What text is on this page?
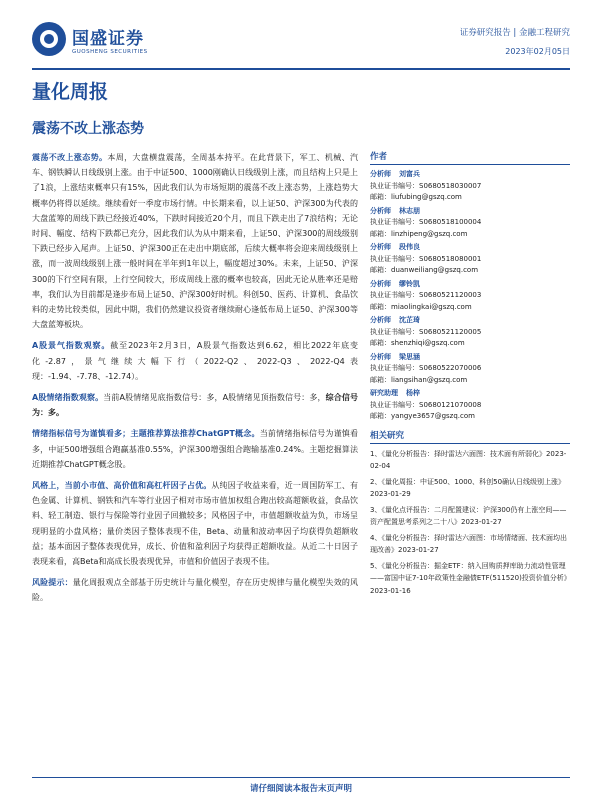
国盛证券
GUOSHENG SECURITIES
证券研究报告 | 金融工程研究
2023年02月05日
量化周报
震荡不改上涨态势

震荡不改上涨态势。本周，大盘横盘震荡，全周基本持平。在此背景下，军工、机械、汽车、钢铁瞬认日线级别上涨。由于中证500、1000刚确认日线级别上涨，而且结构上只是上了1浪，上涨结束概率只有15%，因此我们认为市场短期的震荡不改上涨态势，上涨趋势大概率仍将得以延续。继续看好一季度市场行情。中长期来看，以上证50、沪深300为代表的大盘蓝筹的周线下跌已经接近40%，下跌时间接近20个月，而且下跌走出了7浪结构；无论时间、幅度、结构下跌都已充分，因此我们认为从中期来看，上证50、沪深300的周线级别下跌已经步入尾声。上证50、沪深300正在走出中期底部，后续大概率将会迎来周线级别上涨，而一波周线级别上涨一般时间在半年到1年以上，幅度超过30%。未来，上证50、沪深300的下行空间有限，上行空间较大，形成周线上涨的概率也较高，因此无论从胜率还是赔率，我们认为目前都是逢步布局上证50、沪深300好时机。科创50、医药、计算机、食品饮料的走势比较类似，因此中期，我们仍然建议投资者继续耐心逢低布局上证50、沪深300等大盘蓝筹板块。

A股景气指数观察。截至2023年2月3日，A股景气指数达到6.62，相比2022年底变化-2.87，景气继续大幅下行（2022-Q2、2022-Q3、2022-Q4表现：-1.94、-7.78、-12.74）。

A股情绪指数观察。当前A股情绪见底指数信号：多，A股情绪见顶指数信号：多，综合信号为：多。

情绪指标信号为谨慎看多；主题推荐算法推荐ChatGPT概念。当前情绪指标信号为谨慎看多，中证500增强组合跑赢基准0.55%，沪深300增强组合跑输基准0.24%。主题挖掘算法近期推荐ChatGPT概念股。

风格上，当前小市值、高价值和高杠杆因子占优。从纯因子收益来看，近一周国防军工、有色金属、计算机、钢铁和汽车等行业因子相对市场市值加权组合跑出较高超额收益，食品饮料、轻工制造、银行与保险等行业因子回撤较多；风格因子中，市值超额收益为负，市场呈现明显的小盘风格；量价类因子整体表现不佳，Beta、动量和波动率因子均获得负超额收益；基本面因子整体表现优异，成长、价值和盈利因子均获得正超额收益。从近二十日因子表现来看，高Beta和高成长股表现优异，市值和价值因子表现不佳。

风险提示：量化周报观点全部基于历史统计与量化模型，存在历史规律与量化模型失效的风险。

作者
分析师 刘富兵
执业证书编号：S0680518030007
邮箱：liufubing@gszq.com
分析师 林志朋
执业证书编号：S0680518100004
邮箱：linzhipeng@gszq.com
分析师 段伟良
执业证书编号：S0680518080001
邮箱：duanweiliang@gszq.com
分析师 缪铃凯
执业证书编号：S0680521120003
邮箱：miaolingkai@gszq.com
分析师 沈芷琦
执业证书编号：S0680521120005
邮箱：shenzhiqi@gszq.com
分析师 梁思涵
执业证书编号：S0680522070006
邮箱：liangsihan@gszq.com
研究助理 杨梓
执业证书编号：S0680121070008
邮箱：yangye3657@gszq.com
相关研究
1、《量化分析报告：择时雷达六面图：技术面有所弱化》2023-02-04
2、《量化周报：中证500、1000、科创50确认日线级别上涨》2023-01-29
3、《量化点评报告：二月配置建议：沪深300仍有上涨空间——资产配置思考系列之二十八》2023-01-27
4、《量化分析报告：择时雷达六面图：市场情绪面、技术面均出现改善》2023-01-27
5、《量化分析报告：掘金ETF：纳入回购质押库助力流动性管理——富国中证7-10年政策性金融债ETF(511520)投资价值分析》2023-01-16
请仔细阅读本报告末页声明
